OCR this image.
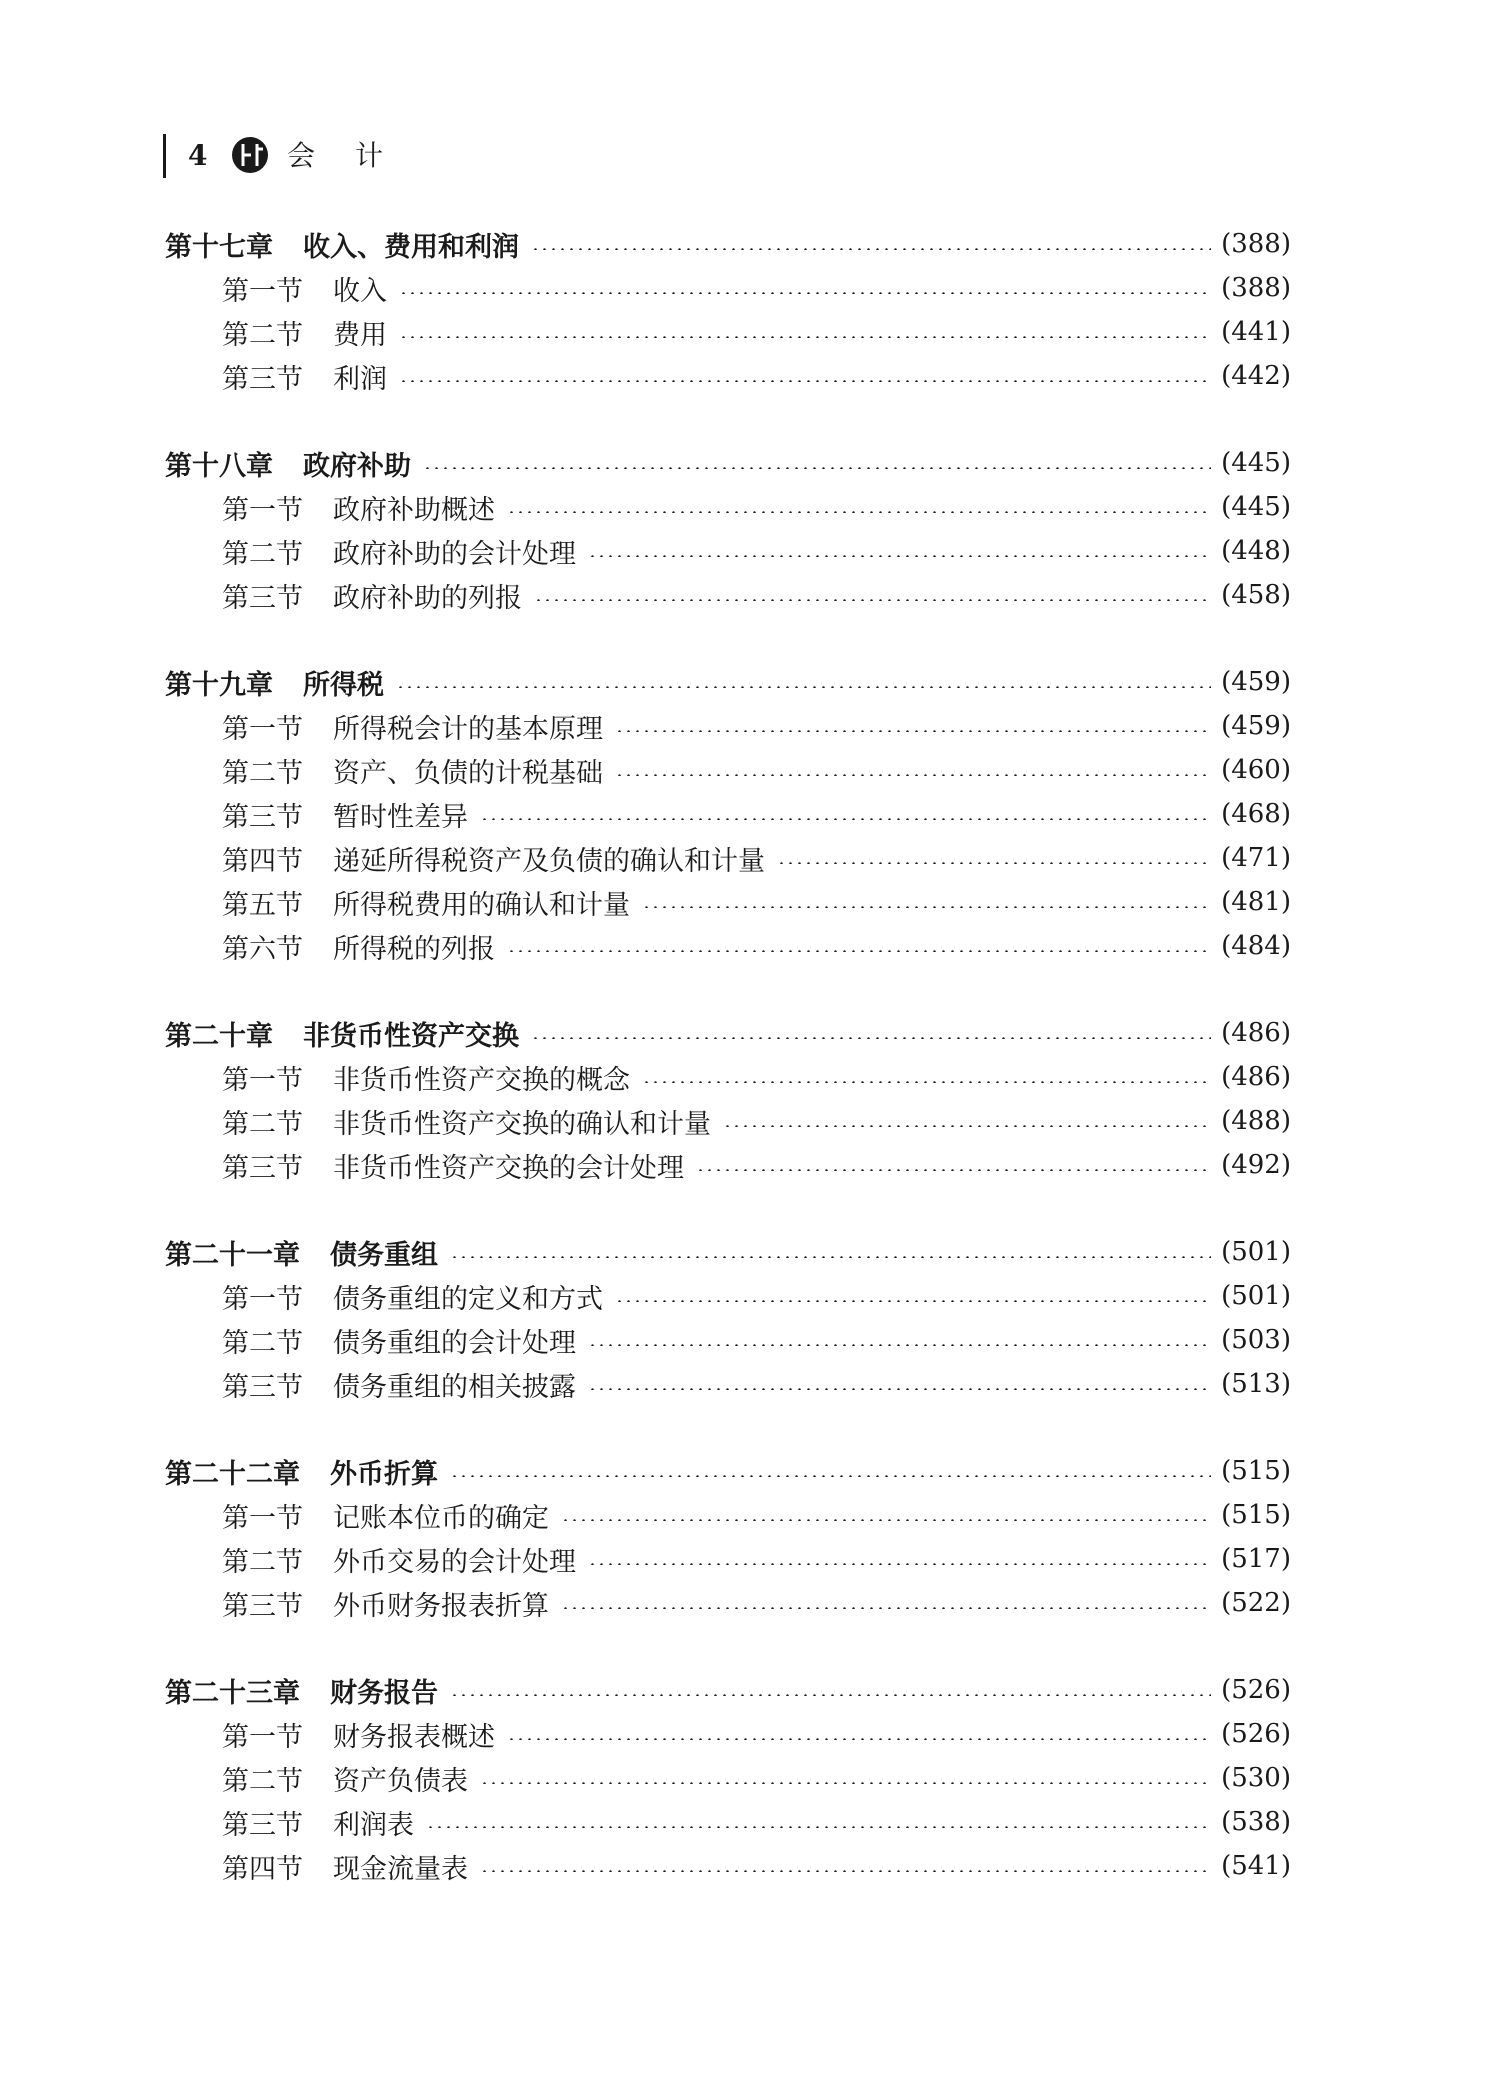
4	会计
第十七章 收入、费用和利润	(388)
第一节 收入	(388)
第二节 费用	(441)
第三节 利润	(442)
第十八章 政府补助	(445)
第一节 政府补助概述	(445)
第二节 政府补助的会计处理	(448)
第三节 政府补助的列报	(458)
第十九章 所得税	(459)
第一节 所得税会计的基本原理	(459)
第二节 资产、负债的计税基础	(460)
第三节 暂时性差异	(468)
第四节 递延所得税资产及负债的确认和计量	(471)
第五节 所得税费用的确认和计量	(481)
第六节 所得税的列报	(484)
第二十章 非货币性资产交换	(486)
第一节 非货币性资产交换的概念	(486)
第二节 非货币性资产交换的确认和计量	(488)
第三节 非货币性资产交换的会计处理	(492)
第二十一章 债务重组	(501)
第一节 债务重组的定义和方式	(501)
第二节 债务重组的会计处理	(503)
第三节 债务重组的相关披露	(513)
第二十二章 外币折算	(515)
第一节 记账本位币的确定	(515)
第二节 外币交易的会计处理	(517)
第三节 外币财务报表折算	(522)
第二十三章 财务报告	(526)
第一节 财务报表概述	(526)
第二节 资产负债表	(530)
第三节 利润表	(538)
第四节 现金流量表	(541)
